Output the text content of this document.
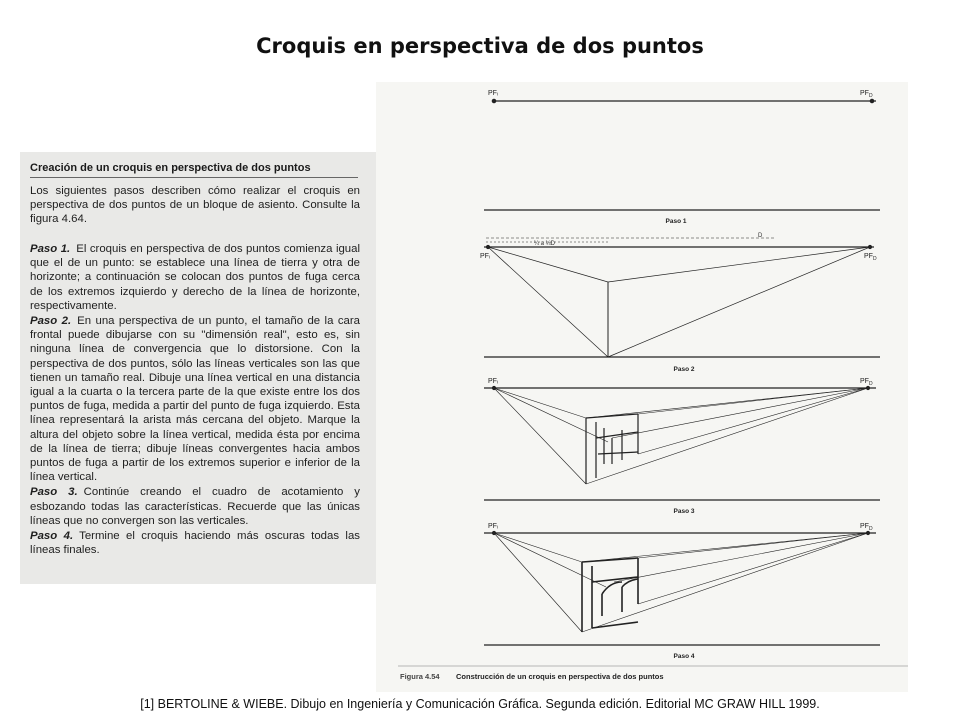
Croquis en perspectiva de dos puntos
Creación de un croquis en perspectiva de dos puntos
Los siguientes pasos describen cómo realizar el croquis en perspectiva de dos puntos de un bloque de asiento. Consulte la figura 4.64.

Paso 1. El croquis en perspectiva de dos puntos comienza igual que el de un punto: se establece una línea de tierra y otra de horizonte; a continuación se colocan dos puntos de fuga cerca de los extremos izquierdo y derecho de la línea de horizonte, respectivamente.

Paso 2. En una perspectiva de un punto, el tamaño de la cara frontal puede dibujarse con su "dimensión real", esto es, sin ninguna línea de convergencia que lo distorsione. Con la perspectiva de dos puntos, sólo las líneas verticales son las que tienen un tamaño real. Dibuje una línea vertical en una distancia igual a la cuarta o la tercera parte de la que existe entre los dos puntos de fuga, medida a partir del punto de fuga izquierdo. Esta línea representará la arista más cercana del objeto. Marque la altura del objeto sobre la línea vertical, medida ésta por encima de la línea de tierra; dibuje líneas convergentes hacia ambos puntos de fuga a partir de los extremos superior e inferior de la línea vertical.

Paso 3. Continúe creando el cuadro de acotamiento y esbozando todas las características. Recuerde que las únicas líneas que no convergen son las verticales.

Paso 4. Termine el croquis haciendo más oscuras todas las líneas finales.

PFᵢ	$PF_D$
Paso 1
¼ a ⅓D
D
PFᵢ	$PF_D$
Paso 2
PFᵢ	$PF_D$
Paso 3
PFᵢ	$PF_D$
Paso 4
Figura 4.54 Construcción de un croquis en perspectiva de dos puntos
[1] BERTOLINE & WIEBE. Dibujo en Ingeniería y Comunicación Gráfica. Segunda edición. Editorial MC GRAW HILL 1999.
